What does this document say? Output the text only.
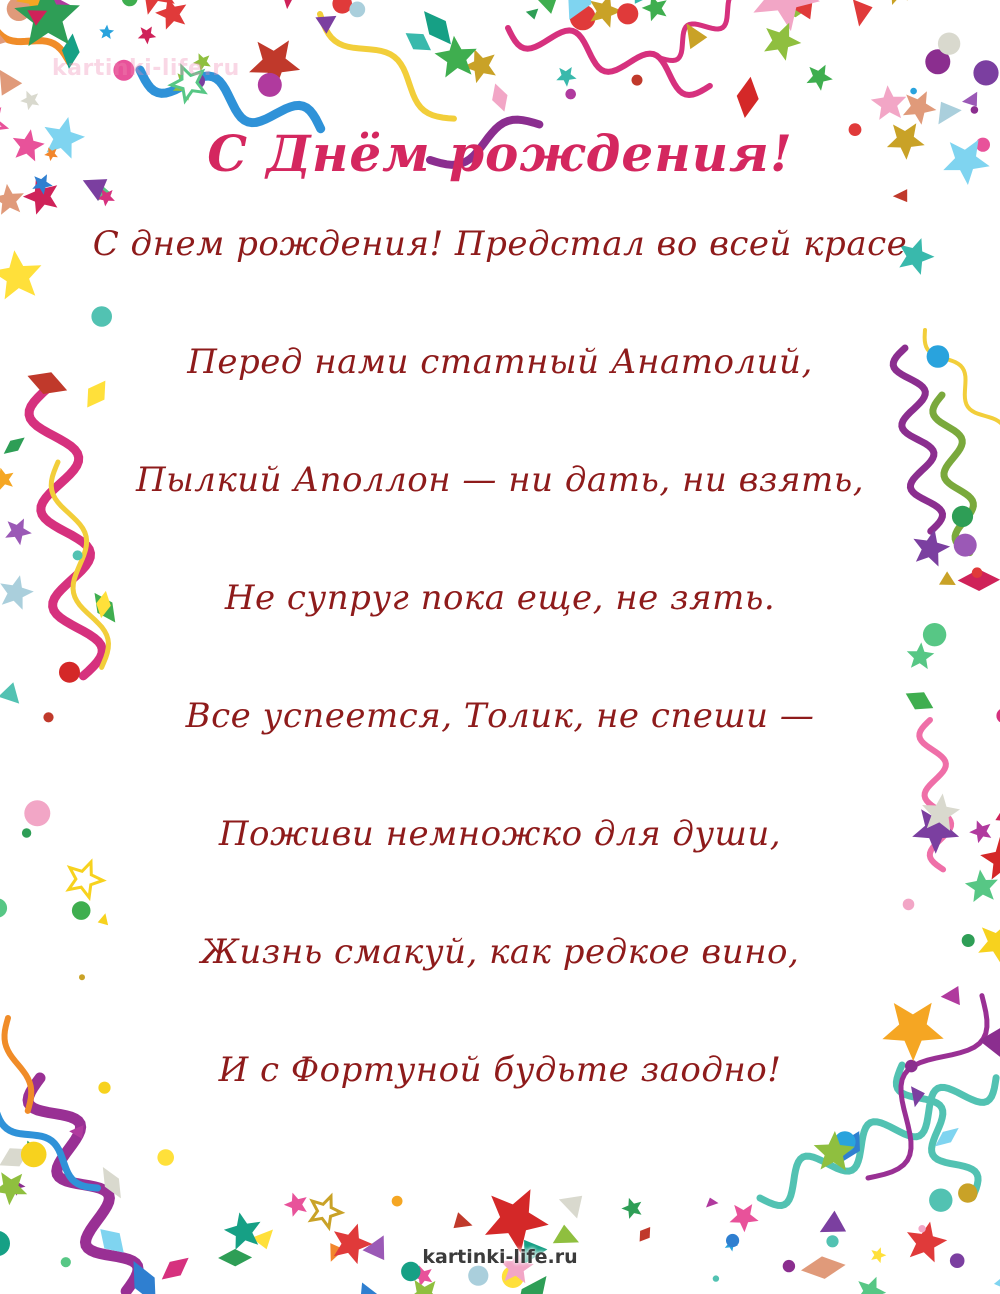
kartinki-life.ru
С Днём рождения!
С днем рождения! Предстал во всей красе
Перед нами статный Анатолий,
Пылкий Аполлон — ни дать, ни взять,
Не супруг пока еще, не зять.
Все успеется, Толик, не спеши —
Поживи немножко для души,
Жизнь смакуй, как редкое вино,
И с Фортуной будьте заодно!
kartinki-life.ru
